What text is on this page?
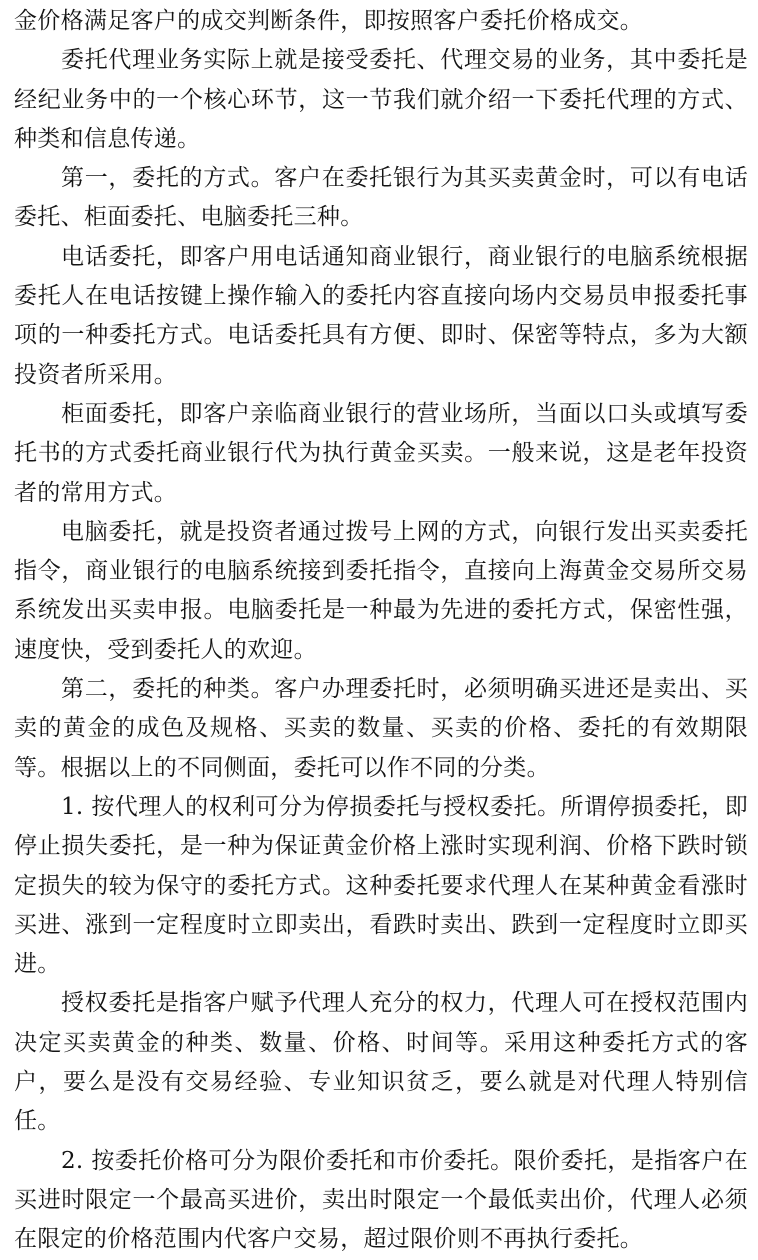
金价格满足客户的成交判断条件，即按照客户委托价格成交。

委托代理业务实际上就是接受委托、代理交易的业务，其中委托是经纪业务中的一个核心环节，这一节我们就介绍一下委托代理的方式、种类和信息传递。

第一，委托的方式。客户在委托银行为其买卖黄金时，可以有电话委托、柜面委托、电脑委托三种。

电话委托，即客户用电话通知商业银行，商业银行的电脑系统根据委托人在电话按键上操作输入的委托内容直接向场内交易员申报委托事项的一种委托方式。电话委托具有方便、即时、保密等特点，多为大额投资者所采用。

柜面委托，即客户亲临商业银行的营业场所，当面以口头或填写委托书的方式委托商业银行代为执行黄金买卖。一般来说，这是老年投资者的常用方式。

电脑委托，就是投资者通过拨号上网的方式，向银行发出买卖委托指令，商业银行的电脑系统接到委托指令，直接向上海黄金交易所交易系统发出买卖申报。电脑委托是一种最为先进的委托方式，保密性强，速度快，受到委托人的欢迎。

第二，委托的种类。客户办理委托时，必须明确买进还是卖出、买卖的黄金的成色及规格、买卖的数量、买卖的价格、委托的有效期限等。根据以上的不同侧面，委托可以作不同的分类。

1. 按代理人的权利可分为停损委托与授权委托。所谓停损委托，即停止损失委托，是一种为保证黄金价格上涨时实现利润、价格下跌时锁定损失的较为保守的委托方式。这种委托要求代理人在某种黄金看涨时买进、涨到一定程度时立即卖出，看跌时卖出、跌到一定程度时立即买进。

授权委托是指客户赋予代理人充分的权力，代理人可在授权范围内决定买卖黄金的种类、数量、价格、时间等。采用这种委托方式的客户，要么是没有交易经验、专业知识贫乏，要么就是对代理人特别信任。

2. 按委托价格可分为限价委托和市价委托。限价委托，是指客户在买进时限定一个最高买进价，卖出时限定一个最低卖出价，代理人必须在限定的价格范围内代客户交易，超过限价则不再执行委托。
